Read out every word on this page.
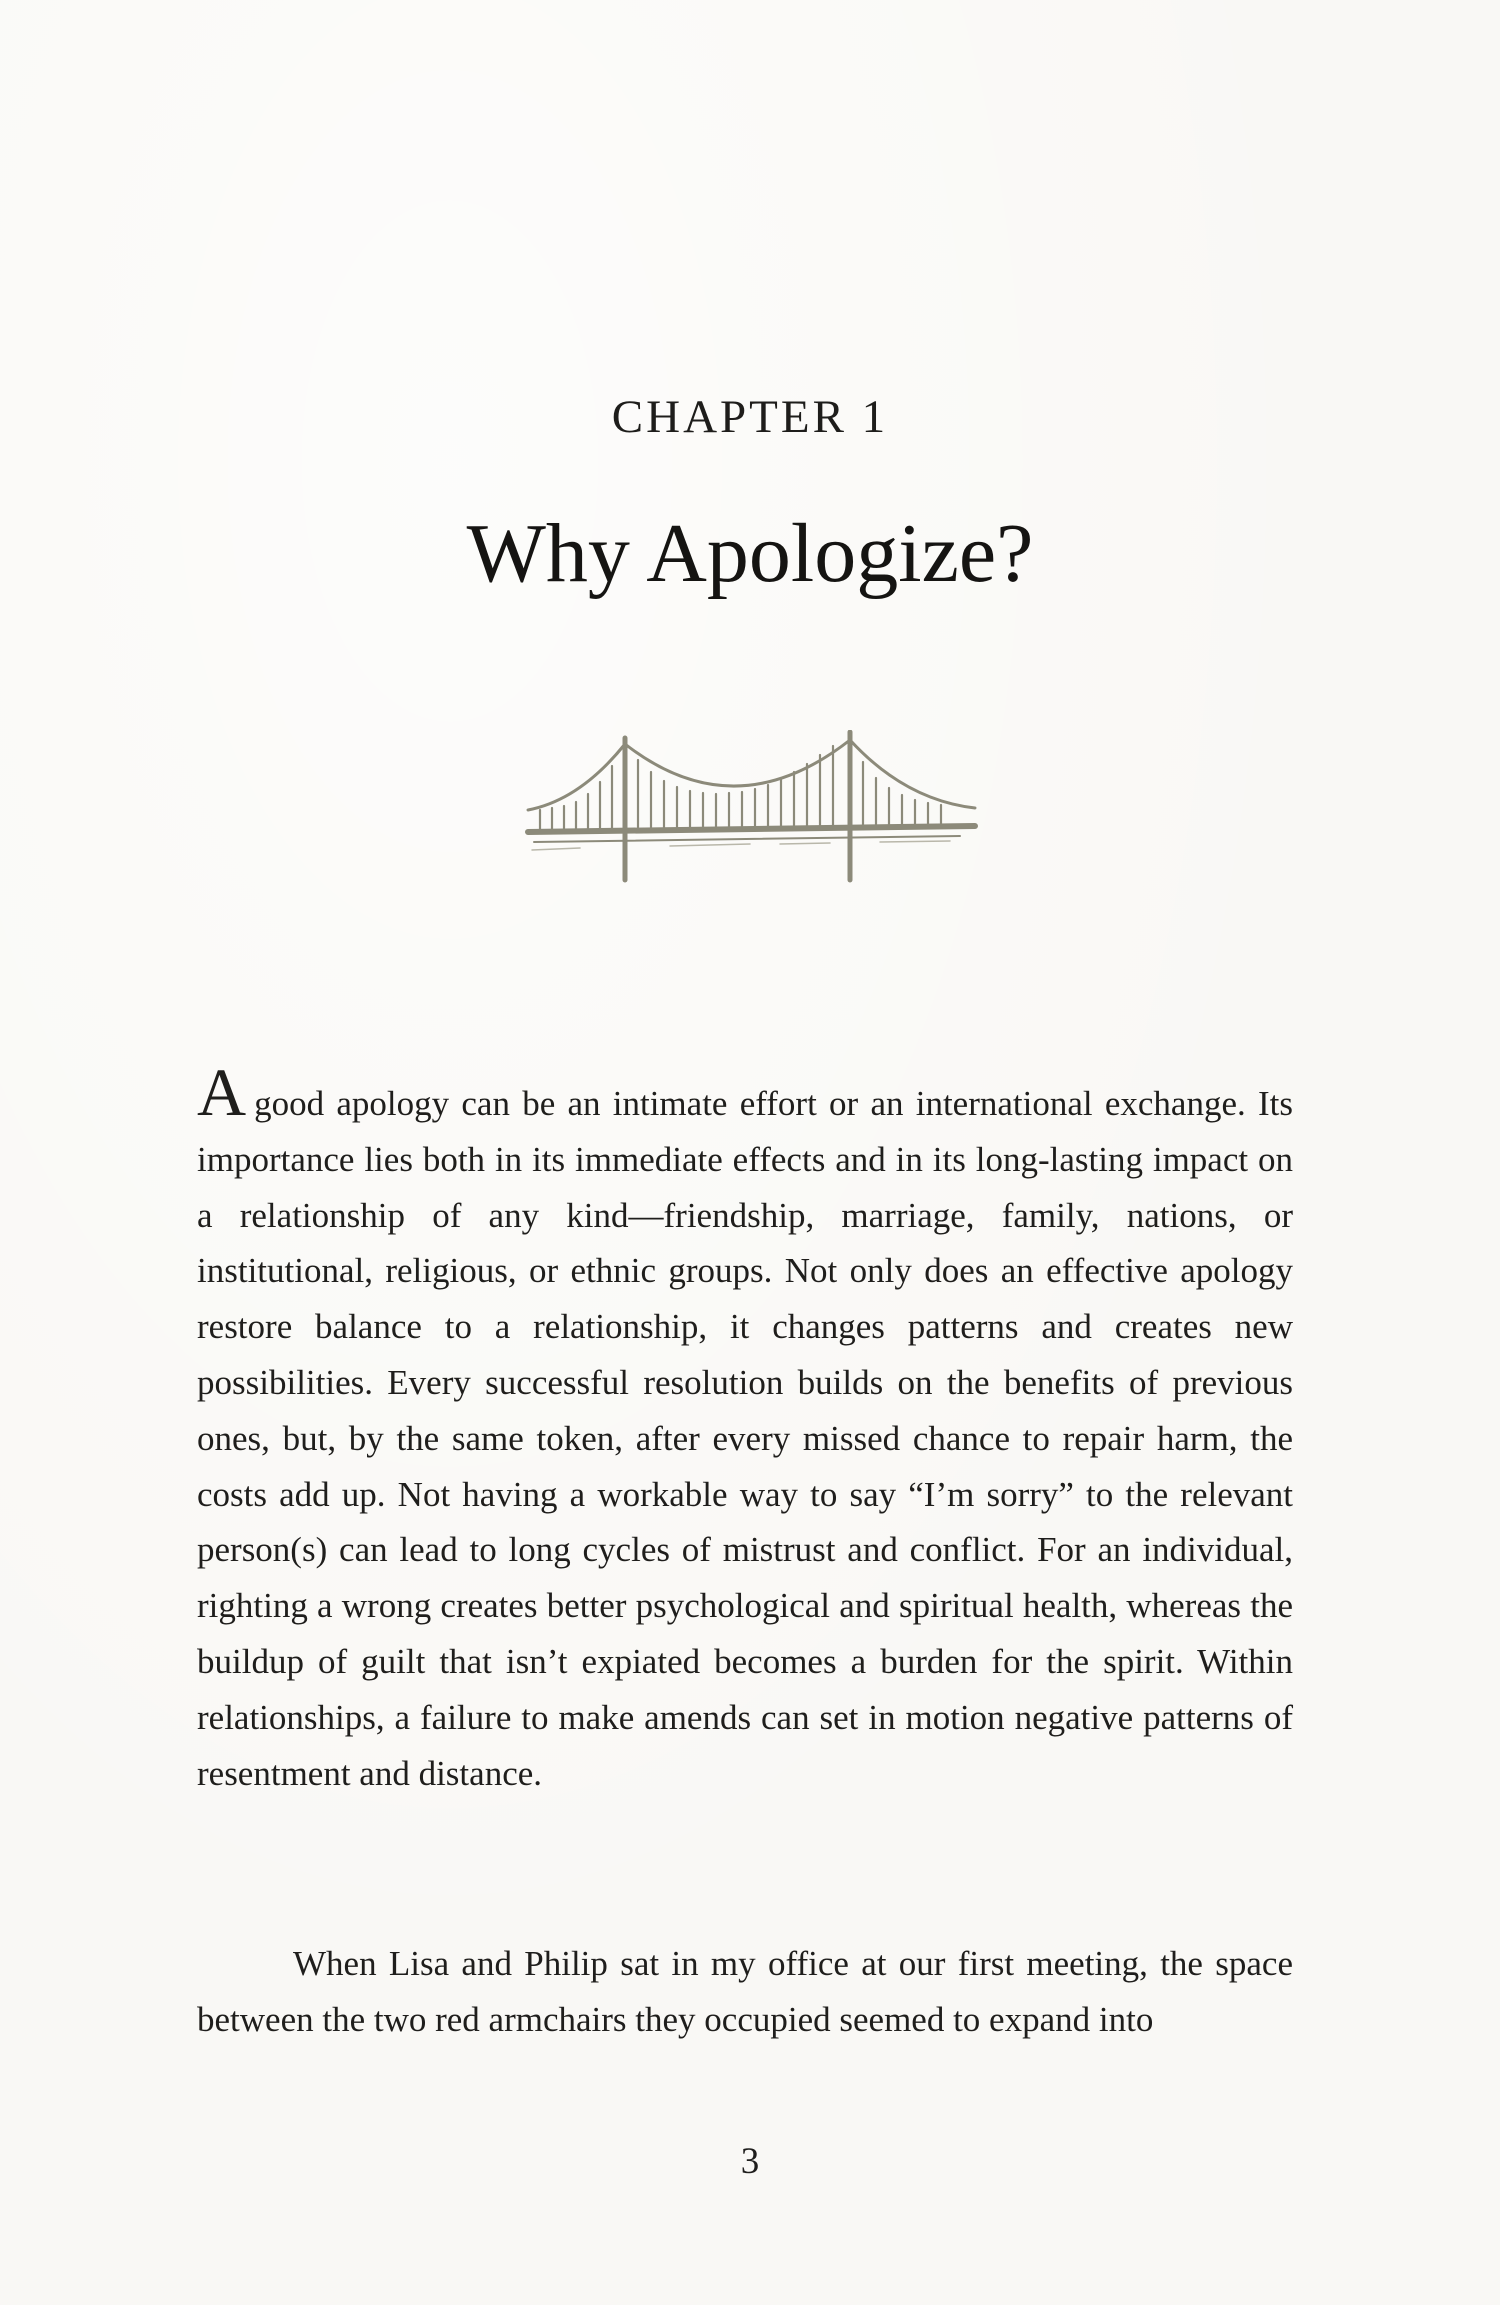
CHAPTER 1
Why Apologize?
Agood apology can be an intimate effort or an international exchange. Its importance lies both in its immediate effects and in its long-lasting impact on a relationship of any kind—friendship, marriage, family, nations, or institutional, religious, or ethnic groups. Not only does an effective apology restore balance to a relationship, it changes patterns and creates new possibilities. Every successful resolution builds on the benefits of previous ones, but, by the same token, after every missed chance to repair harm, the costs add up. Not having a workable way to say “I’m sorry” to the relevant person(s) can lead to long cycles of mistrust and conflict. For an individual, righting a wrong creates better psychological and spiritual health, whereas the buildup of guilt that isn’t expiated becomes a burden for the spirit. Within relationships, a failure to make amends can set in motion negative patterns of resentment and distance.
When Lisa and Philip sat in my office at our first meeting, the space between the two red armchairs they occupied seemed to expand into
3
